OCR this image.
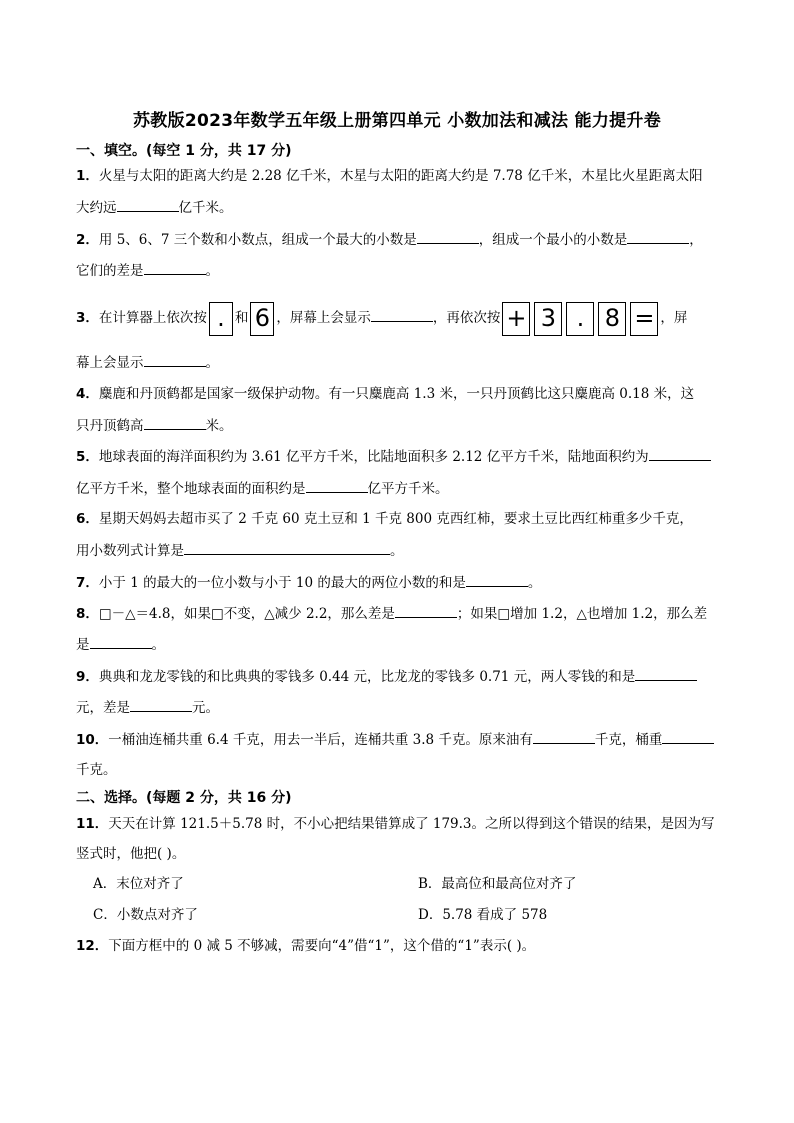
苏教版2023年数学五年级上册第四单元 小数加法和减法 能力提升卷
一、填空。(每空 1 分，共 17 分)
1．火星与太阳的距离大约是 2.28 亿千米，木星与太阳的距离大约是 7.78 亿千米，木星比火星距离太阳
大约远	亿千米。
2．用 5、6、7 三个数和小数点，组成一个最大的小数是	，组成一个最小的小数是	，
它们的差是	。
3．在计算器上依次按 . 和 6 ，屏幕上会显示	，再依次按 + 3 . 8 = ，屏
幕上会显示	。
4．麋鹿和丹顶鹤都是国家一级保护动物。有一只麋鹿高 1.3 米，一只丹顶鹤比这只麋鹿高 0.18 米，这
只丹顶鹤高	米。
5．地球表面的海洋面积约为 3.61 亿平方千米，比陆地面积多 2.12 亿平方千米，陆地面积约为
亿平方千米，整个地球表面的面积约是	亿平方千米。
6．星期天妈妈去超市买了 2 千克 60 克土豆和 1 千克 800 克西红柿，要求土豆比西红柿重多少千克，
用小数列式计算是	。
7．小于 1 的最大的一位小数与小于 10 的最大的两位小数的和是	。
8．□－△＝4.8，如果□不变，△减少 2.2，那么差是	；如果□增加 1.2，△也增加 1.2，那么差
是	。
9．典典和龙龙零钱的和比典典的零钱多 0.44 元，比龙龙的零钱多 0.71 元，两人零钱的和是
元，差是	元。
10．一桶油连桶共重 6.4 千克，用去一半后，连桶共重 3.8 千克。原来油有	千克，桶重
千克。
二、选择。(每题 2 分，共 16 分)
11．天天在计算 121.5＋5.78 时，不小心把结果错算成了 179.3。之所以得到这个错误的结果，是因为写
竖式时，他把( )。
A．末位对齐了	B．最高位和最高位对齐了
C．小数点对齐了	D．5.78 看成了 578
12．下面方框中的 0 减 5 不够减，需要向“4”借“1”，这个借的“1”表示( )。
